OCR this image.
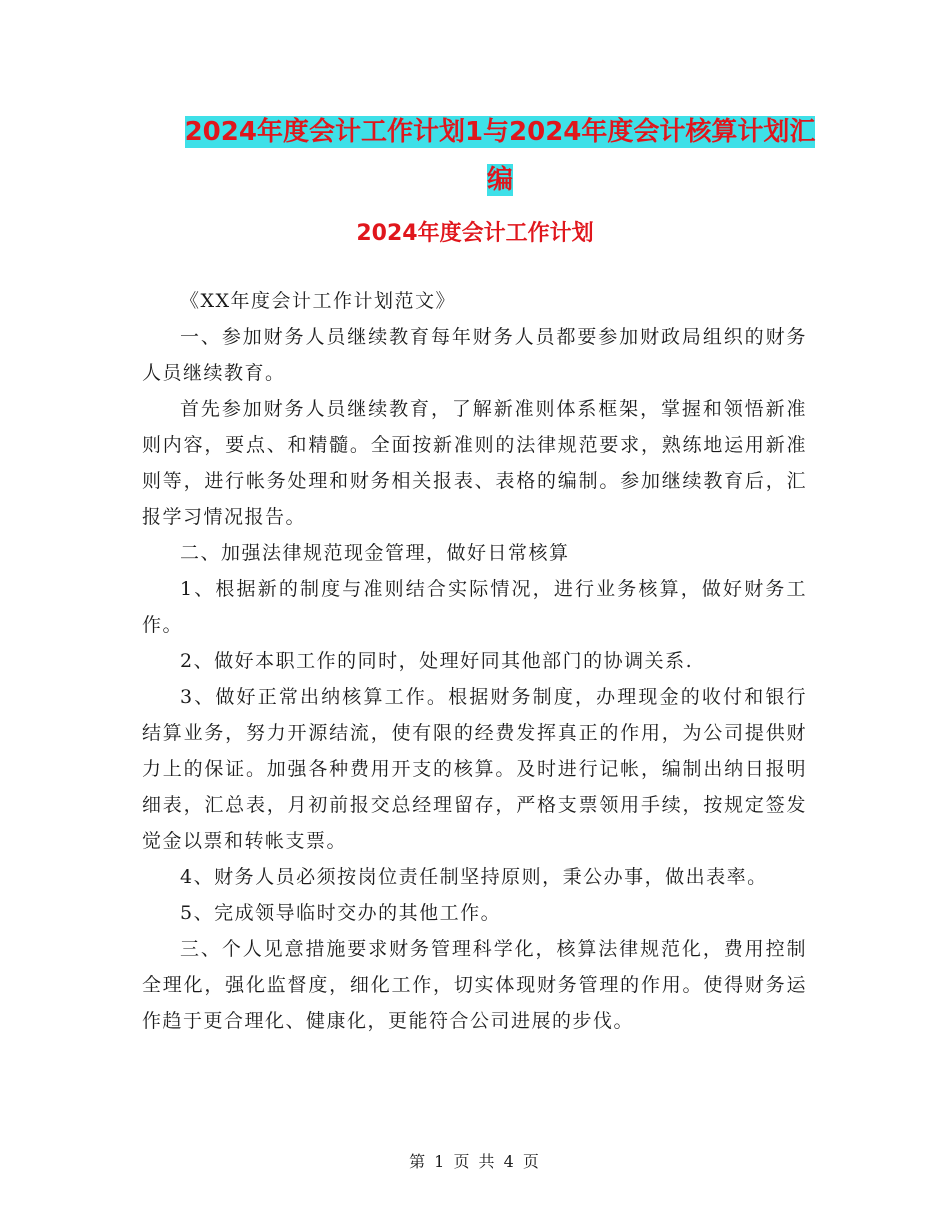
2024年度会计工作计划1与2024年度会计核算计划汇
编
2024年度会计工作计划

《XX年度会计工作计划范文》

一、参加财务人员继续教育每年财务人员都要参加财政局组织的财务人员继续教育。

首先参加财务人员继续教育，了解新准则体系框架，掌握和领悟新准则内容，要点、和精髓。全面按新准则的法律规范要求，熟练地运用新准则等，进行帐务处理和财务相关报表、表格的编制。参加继续教育后，汇报学习情况报告。

二、加强法律规范现金管理，做好日常核算

1、根据新的制度与准则结合实际情况，进行业务核算，做好财务工作。

2、做好本职工作的同时，处理好同其他部门的协调关系.

3、做好正常出纳核算工作。根据财务制度，办理现金的收付和银行结算业务，努力开源结流，使有限的经费发挥真正的作用，为公司提供财力上的保证。加强各种费用开支的核算。及时进行记帐，编制出纳日报明细表，汇总表，月初前报交总经理留存，严格支票领用手续，按规定签发觉金以票和转帐支票。

4、财务人员必须按岗位责任制坚持原则，秉公办事，做出表率。

5、完成领导临时交办的其他工作。

三、个人见意措施要求财务管理科学化，核算法律规范化，费用控制全理化，强化监督度，细化工作，切实体现财务管理的作用。使得财务运作趋于更合理化、健康化，更能符合公司进展的步伐。

第 1 页 共 4 页
